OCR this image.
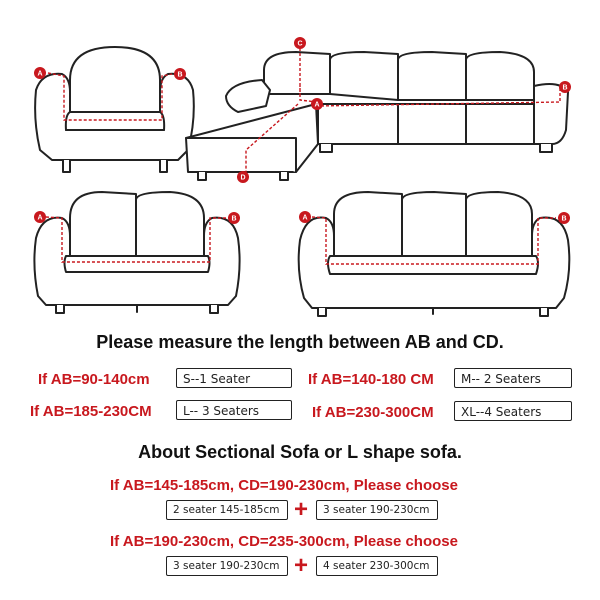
A	B
C
A
B
D
A	B	A	B
Please measure the length between AB and CD.
If AB=90-140cm	S--1 Seater	If AB=140-180 CM	M-- 2 Seaters
If AB=185-230CM	L-- 3 Seaters	If AB=230-300CM	XL--4 Seaters
About Sectional Sofa or L shape sofa.
If AB=145-185cm, CD=190-230cm, Please choose
2 seater 145-185cm +	3 seater 190-230cm
If AB=190-230cm, CD=235-300cm, Please choose
3 seater 190-230cm +	4 seater 230-300cm
